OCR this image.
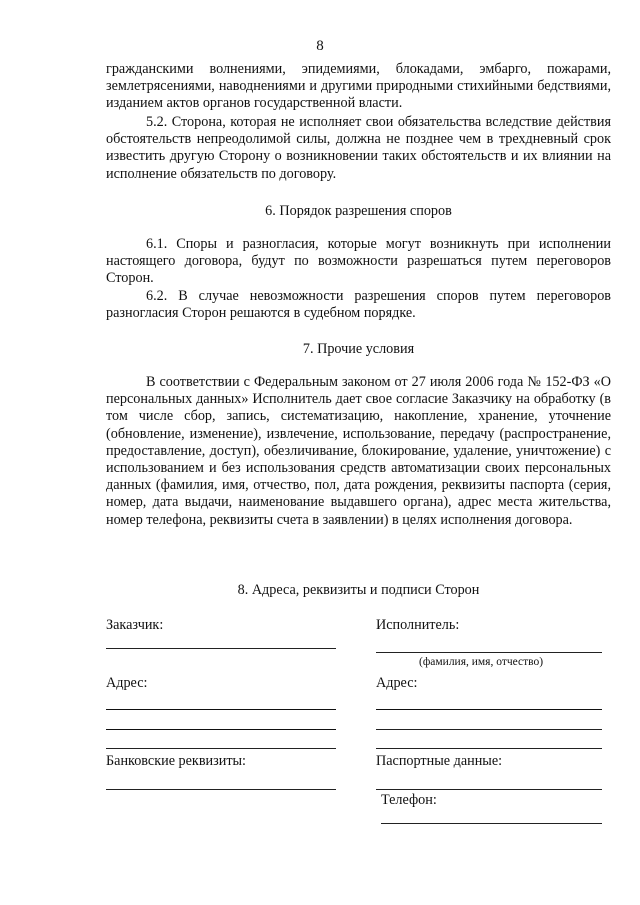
8

гражданскими волнениями, эпидемиями, блокадами, эмбарго, пожарами, землетрясениями, наводнениями и другими природными стихийными бедствиями, изданием актов органов государственной власти.

5.2. Сторона, которая не исполняет свои обязательства вследствие действия обстоятельств непреодолимой силы, должна не позднее чем в трехдневный срок известить другую Сторону о возникновении таких обстоятельств и их влиянии на исполнение обязательств по договору.

6. Порядок разрешения споров

6.1. Споры и разногласия, которые могут возникнуть при исполнении настоящего договора, будут по возможности разрешаться путем переговоров Сторон.

6.2. В случае невозможности разрешения споров путем переговоров разногласия Сторон решаются в судебном порядке.

7. Прочие условия

В соответствии с Федеральным законом от 27 июля 2006 года № 152-ФЗ «О персональных данных» Исполнитель дает свое согласие Заказчику на обработку (в том числе сбор, запись, систематизацию, накопление, хранение, уточнение (обновление, изменение), извлечение, использование, передачу (распространение, предоставление, доступ), обезличивание, блокирование, удаление, уничтожение) с использованием и без использования средств автоматизации своих персональных данных (фамилия, имя, отчество, пол, дата рождения, реквизиты паспорта (серия, номер, дата выдачи, наименование выдавшего органа), адрес места жительства, номер телефона, реквизиты счета в заявлении) в целях исполнения договора.

8. Адреса, реквизиты и подписи Сторон
Заказчик:
Адрес:
Банковские реквизиты:
Исполнитель:
(фамилия, имя, отчество)
Адрес:
Паспортные данные:
Телефон:
